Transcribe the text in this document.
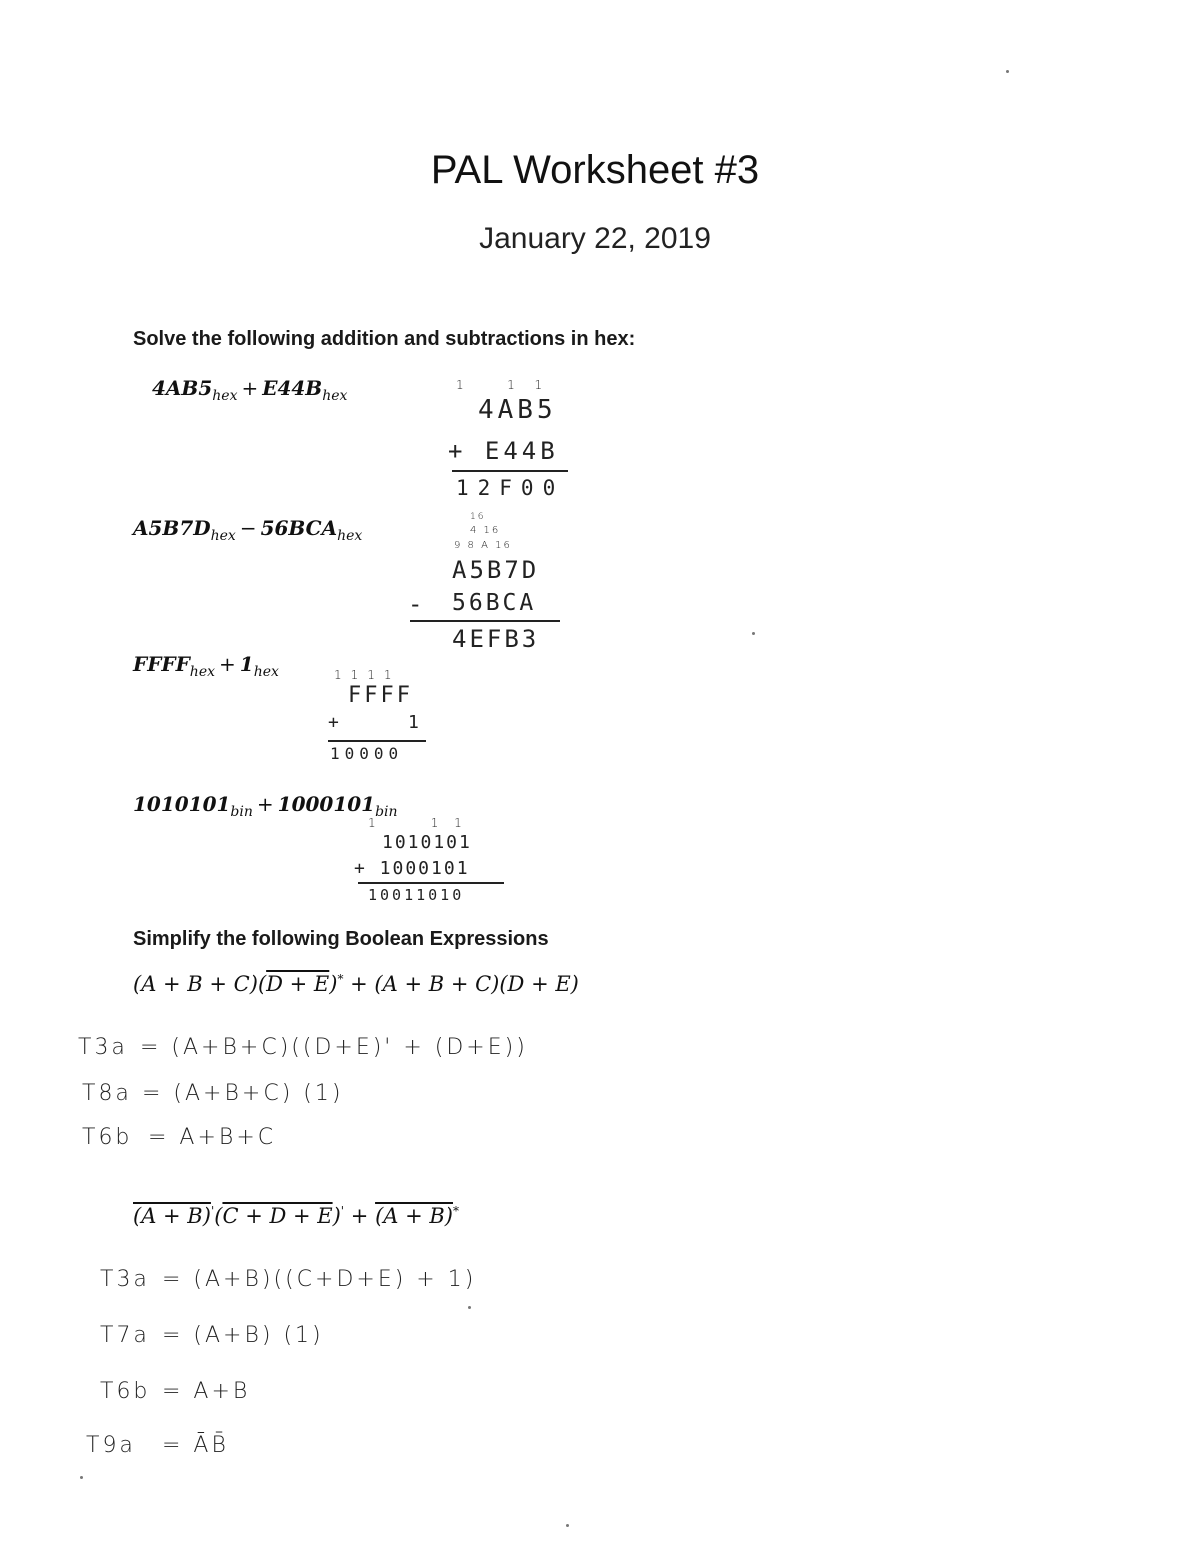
PAL Worksheet #3
January 22, 2019
Solve the following addition and subtractions in hex:
$4AB5_{hex} + E44B_{hex}$
1   1 1
4AB5
+ E44B
12F00
$A5B7D_{hex} - 56BCA_{hex}$
16
4 16
9 8 A 16
A5B7D
- 56BCA
4EFB3
$FFFF_{hex} + 1_{hex}$	1111
FFFF
+	1
10000
$1010101_{bin} + 1000101_{bin}$
1     1 1
1010101
+ 1000101
10011010
Simplify the following Boolean Expressions
(A + B + C)(D + E)* + (A + B + C)(D + E)

T3a = (A+B+C)((D+E)' + (D+E))

T8a = (A+B+C) (1)

T6b = A+B+C

(A + B)'(C + D + E)' + (A + B)*

T3a = (A+B)((C+D+E) + 1)

T7a = (A+B) (1)

T6b = A+B

T9a = ĀB̄
